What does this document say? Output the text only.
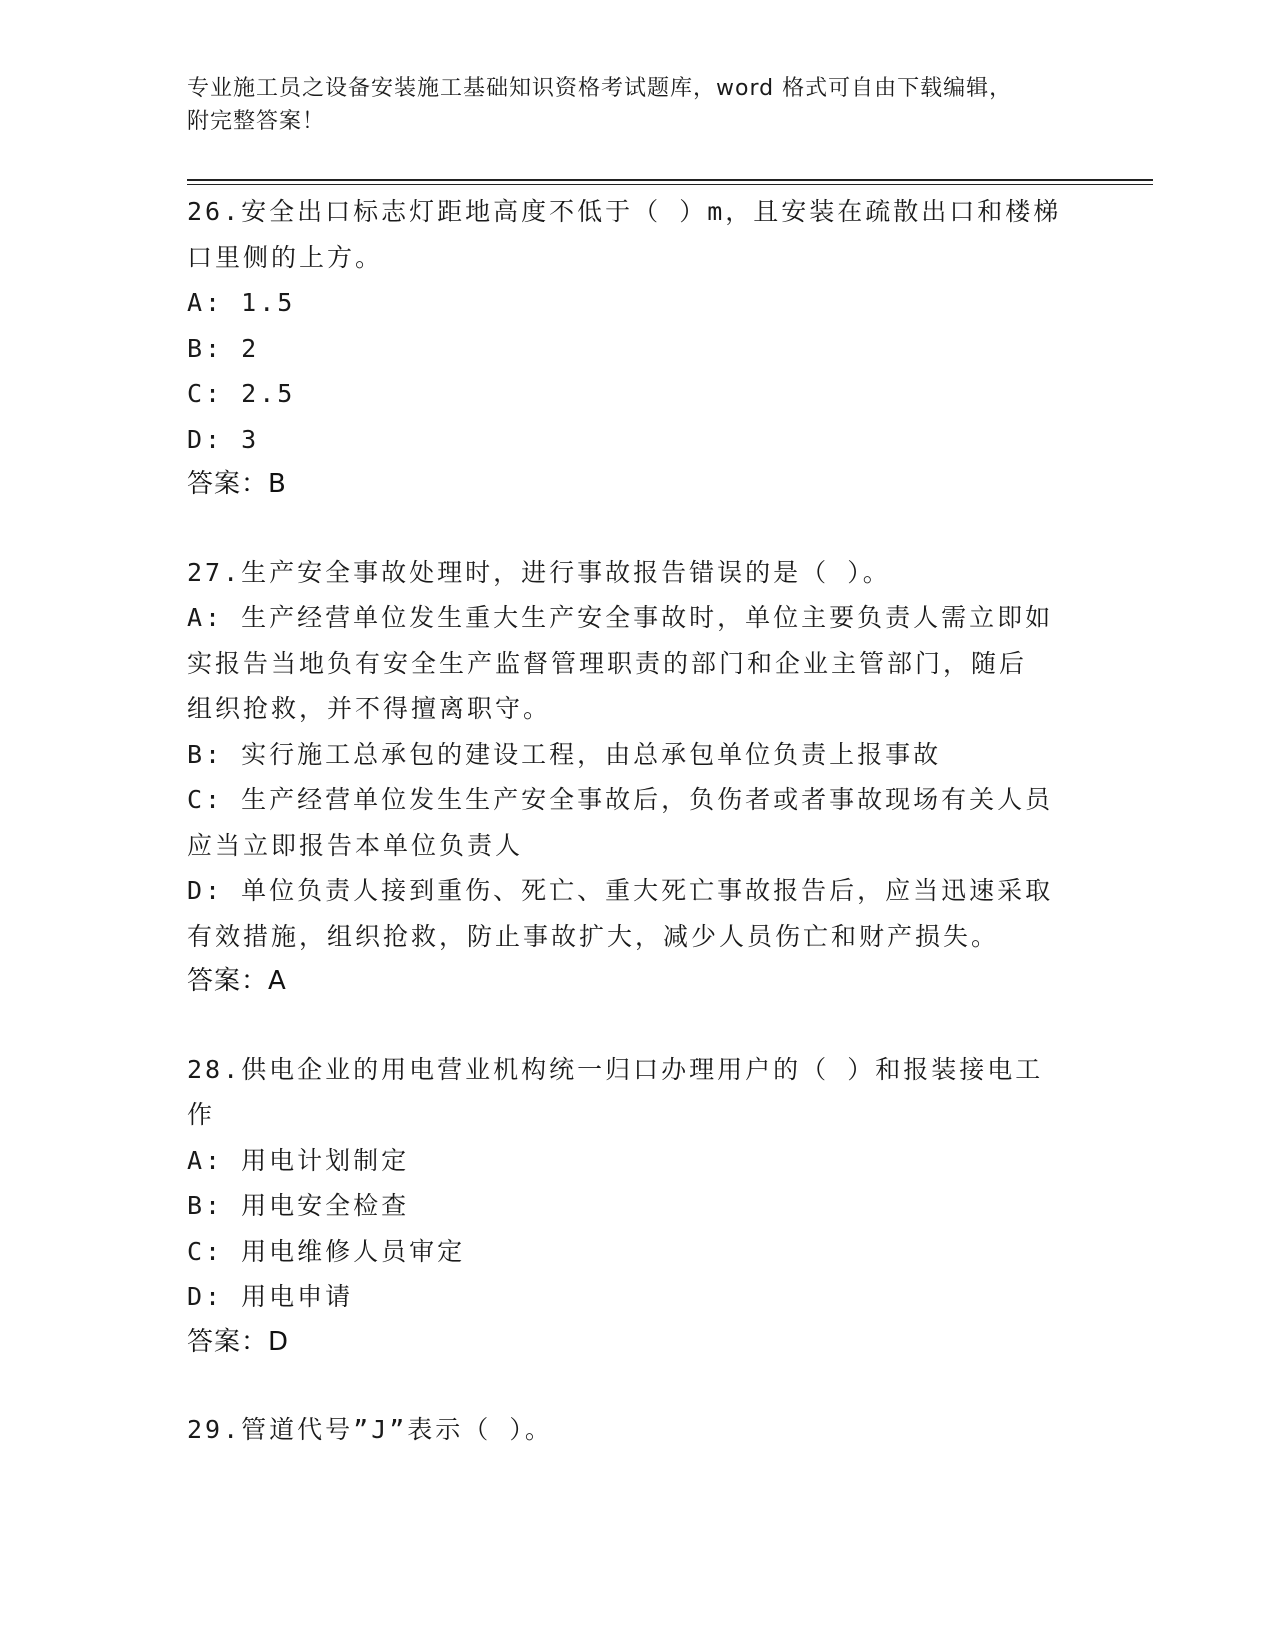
专业施工员之设备安装施工基础知识资格考试题库，word 格式可自由下载编辑，
附完整答案！
26.安全出口标志灯距地高度不低于（ ）m，且安装在疏散出口和楼梯
口里侧的上方。
A: 1.5
B: 2
C: 2.5
D: 3
答案：B
27.生产安全事故处理时，进行事故报告错误的是（ ）。
A: 生产经营单位发生重大生产安全事故时，单位主要负责人需立即如
实报告当地负有安全生产监督管理职责的部门和企业主管部门，随后
组织抢救，并不得擅离职守。
B: 实行施工总承包的建设工程，由总承包单位负责上报事故
C: 生产经营单位发生生产安全事故后，负伤者或者事故现场有关人员
应当立即报告本单位负责人
D: 单位负责人接到重伤、死亡、重大死亡事故报告后，应当迅速采取
有效措施，组织抢救，防止事故扩大，减少人员伤亡和财产损失。
答案：A
28.供电企业的用电营业机构统一归口办理用户的（ ）和报装接电工
作
A: 用电计划制定
B: 用电安全检查
C: 用电维修人员审定
D: 用电申请
答案：D
29.管道代号”J”表示（ ）。
